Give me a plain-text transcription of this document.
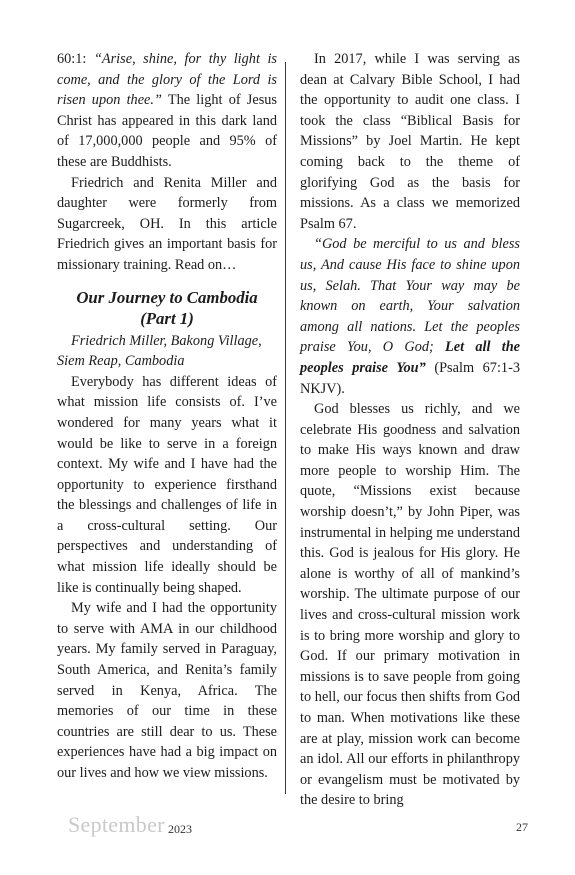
60:1: “Arise, shine, for thy light is come, and the glory of the Lord is risen upon thee.” The light of Jesus Christ has appeared in this dark land of 17,000,000 people and 95% of these are Buddhists.

Friedrich and Renita Miller and daughter were formerly from Sugarcreek, OH. In this article Friedrich gives an important basis for missionary training. Read on…

Our Journey to Cambodia
(Part 1)

Friedrich Miller, Bakong Village, Siem Reap, Cambodia

Everybody has different ideas of what mission life consists of. I’ve wondered for many years what it would be like to serve in a foreign context. My wife and I have had the opportunity to experience firsthand the blessings and challenges of life in a cross-cultural setting. Our perspectives and understanding of what mission life ideally should be like is continually being shaped.

My wife and I had the opportunity to serve with AMA in our childhood years. My family served in Paraguay, South America, and Renita’s family served in Kenya, Africa. The memories of our time in these countries are still dear to us. These experiences have had a big impact on our lives and how we view missions.

In 2017, while I was serving as dean at Calvary Bible School, I had the opportunity to audit one class. I took the class “Biblical Basis for Missions” by Joel Martin. He kept coming back to the theme of glorifying God as the basis for missions. As a class we memorized Psalm 67.

“God be merciful to us and bless us, And cause His face to shine upon us, Selah. That Your way may be known on earth, Your salvation among all nations. Let the peoples praise You, O God; Let all the peoples praise You” (Psalm 67:1-3 NKJV).

God blesses us richly, and we celebrate His goodness and salvation to make His ways known and draw more people to worship Him. The quote, “Missions exist because worship doesn’t,” by John Piper, was instrumental in helping me understand this. God is jealous for His glory. He alone is worthy of all of mankind’s worship. The ultimate purpose of our lives and cross-cultural mission work is to bring more worship and glory to God. If our primary motivation in missions is to save people from going to hell, our focus then shifts from God to man. When motivations like these are at play, mission work can become an idol. All our efforts in philanthropy or evangelism must be motivated by the desire to bring

September 2023	27
